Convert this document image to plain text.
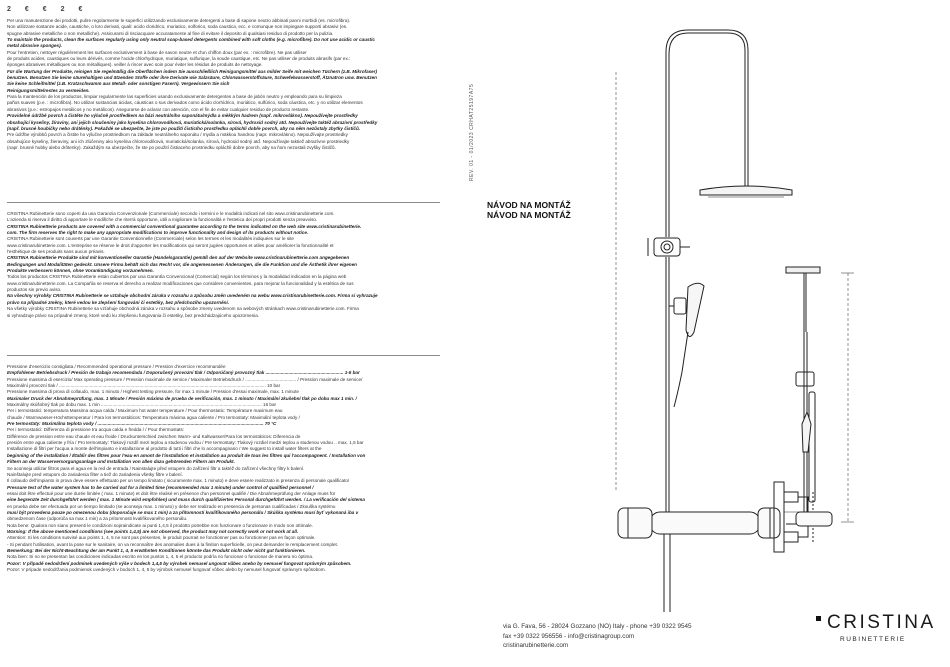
2 € € 2 €

Per una manutenzione dei prodotti, pulire regolarmente le superfici utilizzando esclusivamente detergenti a base di sapone neutro abbinati panni morbidi (es. microfibra).

Non utilizzare sostanze acide, caustiche, o loro derivati, quali: acido cloridrico, muriatico, solforico, soda caustica, ecc. e comunque non impiegare supporti abrasivi (es.

spugne abrasive metalliche o non metalliche). Assicurarsi di risciacquare accuratamente al fine di evitare il deposito di qualsiasi residuo di prodotto per la pulizia.

To maintain the products, clean the surfaces regularly using only neutral soap-based detergents combined with soft cloths (e.g. microfibre). Do not use acidic or caustic

metal abrasive sponges).

Pour l'entretien, nettoyer régulièrement les surfaces exclusivement à base de savon neutre et d'un chiffon doux (par ex. : microfibre). Ne pas utiliser

de produits acides, caustiques ou leurs dérivés, comme l'acide chlorhydrique, muriatique, sulfurique, la soude caustique, etc. Ne pas utiliser de produits abrasifs (par ex.:

éponges abrasives métalliques ou non métalliques). veiller à rincer avec soin pour éviter les résidus de produits de nettoyage.

Für die Wartung der Produkte, reinigen Sie regelmäßig die Oberflächen indem Sie ausschließlich Reinigungsmittel aus milder Seife mit weichen Tüchern (z.B. Mikrofaser)

benutzen. Benutzen Sie keine säurehaltigen und ätzenden Stoffe oder ihre Derivate wie Salzsäure, Chlorwasserstoffsäure, Schwefelwasserstoff, Ätznatron usw. Benutzen

Sie keine Schleifmittel (z.B. Kratzschwamm aus Metall- oder sonstigen Fasern). Vergewissern Sie sich

Reinigungsmittelrestes zu vermeiden.

Para la mantención de los productos, limpiar regularmente las superficies usando exclusivamente detergentes a base de jabón neutro y empleando para su limpieza

paños suaves (p.e. : microfibra). No utilizar sustancias ácidas, cáusticas o sus derivados como ácido clorhídrico, muriático, sulfúrico, soda cáustica, etc. y no utilizar elementos

abrasivos (p.e.: estropajos metálicos y no metálicos). Asegurarse de aclarar con atención, con el fin de evitar cualquier residuo de producto restante.

Pravidelné údržbě povrch a čistěte ho výlučně prostředkem na bázi neutrálního saponátu/mýdla a měkkým hadrem (např. mikrovlákno). Nepoužívejte prostředky

obsahující kyseliny, žíraviny, ani jejich sloučeniny jako kyselina chlorovodíková, muriatická/solanka, sírová, hydroxid sodný atd. Nepoužívejte taktéž abrazivní prostředky

(např. brusné houbičky nebo drátěnky). Pokaždé se ubezpečte, že jste po použití čisticího prostředku opláchli dobře povrch, aby na něm nezůstaly zbytky čističů.

Pre údržbe výrobků povrch a čistite ho výlučne prostriedkom na základe neutrálneho saponátu / mydla a mäkkou handrou (napr. mikrovlákno). Nepoužívajte prostriedky

obsahujúce kyseliny, žieraviny, ani ich zlúčeniny ako kyselina chlorovodíková, muriatická/solanka, sírová, hydroxid sodný atď. Nepoužívajte taktiež abrazívne prostriedky

(napr. brusné hubky alebo drôtenky). Zakaždým sa ubezpečte, že ste po použití čistiaceho prostriedku opláchli dobre povrch, aby na ňom nezostali zvyšky čističů.

CRISTINA Rubinetterie sono coperti da una Garanzia Convenzionale (Commerciale) secondo i termini e le modalità indicati nel sito www.cristinarubinetterie.com.

L'azienda si riserva il diritto di apportare le modifiche che riterrà opportune, utili a migliorare la funzionalità e l'estetica dei propri prodotti senza preavviso.

CRISTINA Rubinetterie products are covered with a commercial conventional guarantee according to the terms indicated on the web site www.cristinarubinetterie.

com. The firm reserves the right to make any appropriate modifications to improve functionality and design of its products without notice.

CRISTINA Rubinetterie sont couverts par une Garantie Conventionnelle (Commerciale) selon les termes et les modalités indiquées sur le site

www.cristinarubinetterie.com. L'entreprise se réserve le droit d'apporter les modifications qui seront jugées opportunes et utiles pour améliorer la fonctionnalité et

l'esthétique de ses produits sans aucun préavis.

CRISTINA Rubinetterie Produkte sind mit konventioneller Garantie (Handelsgarantie) gemäß den auf der Website www.cristinarubinetterie.com angegebenen

Bedingungen und Modalitäten gedeckt. Unsere Firma behält sich das Recht vor, die angemessenen Änderungen, die die Funktion und die Ästhetik ihrer eigenen

Produkte verbessern können, ohne Vorankündigung vorzunehmen.

Todos los productos CRISTINA Rubinetterie están cubiertos por una Garantía Convencional (Comercial) según los términos y la modalidad indicados en la página web

www.cristinarubinetterie.com. La Compañía se reserva el derecho a realizar modificaciones que considere convenientes, para mejorar la funcionalidad y la estética de sus

productos sin previo aviso.

Na všechny výrobky CRISTINA Rubinetterie se vztahuje obchodní záruka v rozsahu a způsobu změn uvedeném na webu www.cristinarubinetterie.com. Firma si vyhrazuje

právo na případné změny, které vedou ke zlepšení fungování či estetiky, bez předchozího upozornění.

Na všetky výrobky CRISTINA Rubinetterie sa vzťahuje obchodná záruka v rozsahu a spôsobe zmeny uvedenom na webových stránkach www.cristinarubinetterie.com. Firma

si vyhradzuje právo na prípadné zmeny, ktoré vedú ku zlepšeniu fungovania či estetiky, bez predchádzajúceho upozornenia.

Pressione d'esercizio consigliata / Recommended operational pressure / Pression d'exercice recommandée

Empfohlener Betriebsdruck / Presión de trabajo recomendada / Doporučený provozní tlak / Odporúčaný provozný tlak ............................................................. 1-5 bar

Pressione massima di esercizio/ Max operating pressure / Pression maximale de service / Maximaler Betriebsdruck / ........................................ / Pression maximale de service/

Maximální provozní tlak / .................................................................................................................................................................. 10 bar

Pressione massima di prova di collaudo, max. 1 minuto / Highest testing pressure, for max 1 minute / Pression d'essai maximale, max. 1 minute

Maximaler Druck der Abnahmeprüfung, max. 1 Minute / Presión máxima de prueba de verificación, max. 1 minuto / Maximální zkušební tlak po dobu max 1 min. /

Maximálny skúšobný tlak po dobu max. 1 min .............................................................................................................................. 16 bar

Per i termostatici: temperatura Massima acqua calda / Maximum hot water temperature / Pour thermostatic: Température maximum eau

chaude / Warmwasser-Höchsttemperatur / Para los termostáticos: Temperatura máxima agua caliente / Pro termostaty: Maximální teplota vody /

Pre termostaty: Maximálna teplota vody / .................................................................................................................................. 70 °C

Per i termostatici: Differenza di pressione tra acqua calda e fredda / / Pour thermostats:

Différence de pression entre eau chaude et eau froide / Druckunterschied zwischen Warm- und Kaltwasser/Para los termostáticos: Diferencia de

presión entre agua caliente y fría / Pro termostaty: Tlakový rozdíl mezi teplou a studenou vodou / Pre termostaty: Tlakový rozdiel medzi teplou a studenou vodou .. max. 1,5 bar

Installazione di filtri per l'acqua a monte dell'impianto e installazione al prodotto di tutti i filtri che lo accompagnano / We suggest to install water filters at the

beginning of the installation / Établir des filtres pour l'eau en amont de l'installation et installation au produit de tous les filtres qui l'accompagnent. / Installation von

Filtern an der Wasserversorgungsanlage und Installation von allen dazu gehörenden Filtern am Produkt.

Se aconseja utilizar filtros para el agua en la red de entrada / Nainstalujte před vstupem do zařízení filtr a taktéž do zařízení všechny filtry k balení.

Nainštalujte pred vstupom do zariadenia filter a tiež do zariadenia všetky filtre v balení.

Il collaudo dell'impianto in prova deve essere effettuato per un tempo limitato ( sicuramente max. 1 minuto) e deve essere realizzato in presenza di personale qualificato/

Pressure test of the water system has to be carried out for a limited time (recommended max 1 minute) under control of qualified personnel /

essai doit être effectué pour une durée limitée ( max. 1 minute) et doit être réalisé en présence d'un personnel qualifié / Die Abnahmeprüfung der Anlage muss für

eine begrenzte Zeit durchgeführt werden ( max. 1 Minute wird empfohlen) und muss durch qualifiziertes Personal durchgeführt werden. / La verificación del sistema

en prueba debe ser efectuada por un tiempo limitado (se aconseja max. 1 minuto) y debe ser realizado en presencia de personas cualificadas / Zkouška systému

musí být provedena pouze po omezenou dobu (doporučuje se max 1 min) a za přítomnosti kvalifikovaného personálu / Skúška systému musí byť vykonaná iba v

obmedzenom čase (odporúča sa max 1 min) a za prítomnosti kvalifikovaného personálu.

Nota bene: Qualora non siano presenti le condizioni sopraindicate ai punti 1,4,5 il prodotto potrebbe non funzionare o funzionare in modo non ottimale.

Warning: If the above mentioned conditions (see points 1,4,5) are not observed, the product may not correctly work or not work at all.

Attention: Si les conditions susvisé aux points 1, 4, 5 ne sont pas présentes, le produit pourrait ne fonctionner pas ou fonctionner pas en façon optimale.

- Si pendant l'utilisation, avant la pose sur le sanitaire, on va reconnaître des anomalies dues à la finition superficielle, on peut demander le remplacement complet.

Bemerkung: Bei der Nicht-Beachtung der am Punkt 1, 4, 5 erwähnten Konditionen könnte das Produkt nicht oder nicht gut funktionieren.

Nota bien: Si no se presentan las condiciones indicadas escrito en los puntos 1, 4, 5 el producto podría no funcionar o funcionar de manera no óptima.

Pozor: V případě nedodržení podmínek uvedených výše v bodech 1,4,5 by výrobek nemusel ungovat vůbec anebo by nemusel fungovat správným způsobem.

Pozor: V prípade nedodržania podmienok uvedených v bodoch 1, 4, 5 by výrobok nemusel fungovať vôbec alebo by nemusel fungovať správnym spôsobom.

REV. 01 - 01/2023 CRHAT25197A75
NÁVOD NA MONTÁŽ
NÁVOD NA MONTÁŽ
via G. Fava, 56 - 28024 Gozzano (NO) Italy - phone +39 0322 9545
fax +39 0322 956556 - info@cristinagroup.com
cristinarubinetterie.com
CRISTINA
RUBINETTERIE
